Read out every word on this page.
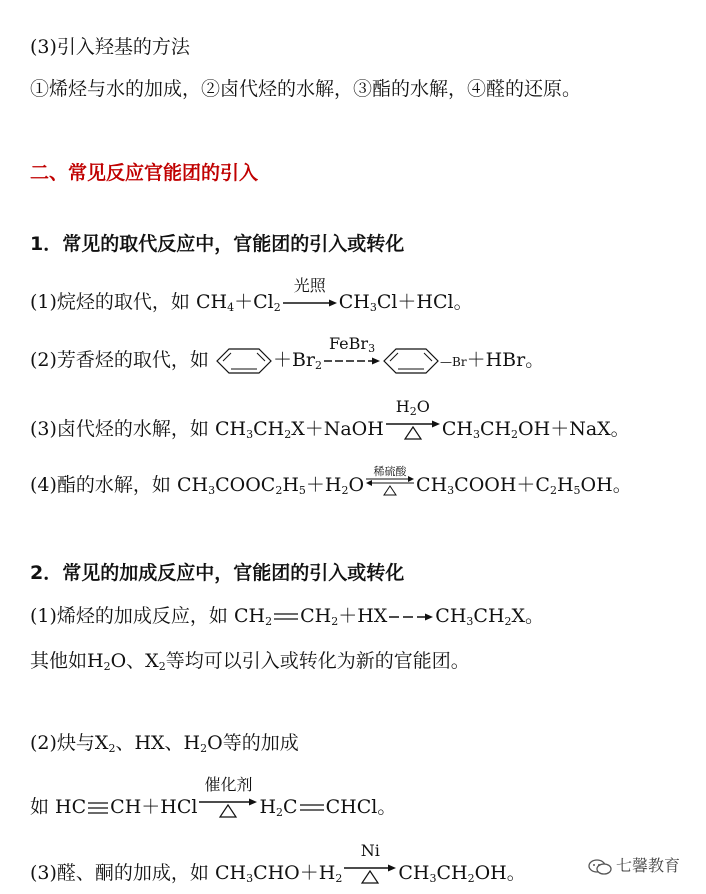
(3)引入羟基的方法
①烯烃与水的加成，②卤代烃的水解，③酯的水解，④醛的还原。
二、常见反应官能团的引入
1．常见的取代反应中，官能团的引入或转化
(1)烷烃的取代，如 $CH_4+Cl_2$
光照
$CH_3Cl+HCl$。
(2)芳香烃的取代，如	$+Br_2$
FeBr$_3$
—Br＋HBr。
(3)卤代烃的水解，如 $CH_3CH_2X+NaOH$
$H_2O$
$CH_3CH_2OH+NaX$。
(4)酯的水解，如 $CH_3COOC_2H_5+H_2O$
稀硫酸
$CH_3COOH+C_2H_5OH$。
2．常见的加成反应中，官能团的引入或转化
(1)烯烃的加成反应，如 $CH_2$ $CH_2+HX\to CH_3CH_2X$。
其他如$H_2O$、$X_2$等均可以引入或转化为新的官能团。
(2)炔与$X_2$、HX、$H_2O$等的加成
如 HC CH＋HCl
催化剂
$H_2C$ CHCl。
(3)醛、酮的加成，如 $CH_3CHO+H_2$
Ni
$CH_3CH_2OH$。	七馨教育
